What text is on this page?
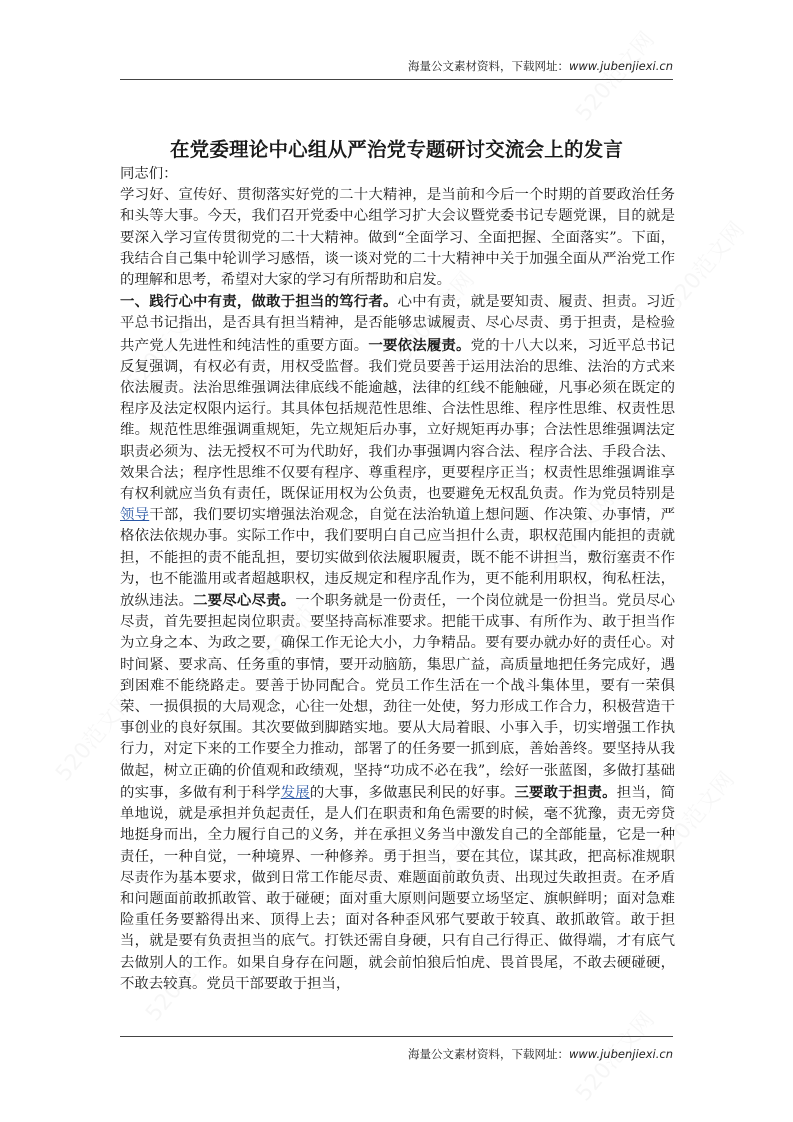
海量公文素材资料，下载网址：www.jubenjiexi.cn
在党委理论中心组从严治党专题研讨交流会上的发言

同志们：

学习好、宣传好、贯彻落实好党的二十大精神，是当前和今后一个时期的首要政治任务和头等大事。今天，我们召开党委中心组学习扩大会议暨党委书记专题党课，目的就是要深入学习宣传贯彻党的二十大精神。做到“全面学习、全面把握、全面落实”。下面，我结合自己集中轮训学习感悟，谈一谈对党的二十大精神中关于加强全面从严治党工作的理解和思考，希望对大家的学习有所帮助和启发。

一、践行心中有责，做敢于担当的笃行者。心中有责，就是要知责、履责、担责。习近平总书记指出，是否具有担当精神，是否能够忠诚履责、尽心尽责、勇于担责，是检验共产党人先进性和纯洁性的重要方面。一要依法履责。党的十八大以来，习近平总书记反复强调，有权必有责，用权受监督。我们党员要善于运用法治的思维、法治的方式来依法履责。法治思维强调法律底线不能逾越，法律的红线不能触碰，凡事必须在既定的程序及法定权限内运行。其具体包括规范性思维、合法性思维、程序性思维、权责性思维。规范性思维强调重规矩，先立规矩后办事，立好规矩再办事；合法性思维强调法定职责必须为、法无授权不可为代助好，我们办事强调内容合法、程序合法、手段合法、效果合法；程序性思维不仅要有程序、尊重程序，更要程序正当；权责性思维强调谁享有权利就应当负有责任，既保证用权为公负责，也要避免无权乱负责。作为党员特别是领导干部，我们要切实增强法治观念，自觉在法治轨道上想问题、作决策、办事情，严格依法依规办事。实际工作中，我们要明白自己应当担什么责，职权范围内能担的责就担，不能担的责不能乱担，要切实做到依法履职履责，既不能不讲担当，敷衍塞责不作为，也不能滥用或者超越职权，违反规定和程序乱作为，更不能利用职权，徇私枉法，放纵违法。二要尽心尽责。一个职务就是一份责任，一个岗位就是一份担当。党员尽心尽责，首先要担起岗位职责。要坚持高标准要求。把能干成事、有所作为、敢于担当作为立身之本、为政之要，确保工作无论大小，力争精品。要有要办就办好的责任心。对时间紧、要求高、任务重的事情，要开动脑筋，集思广益，高质量地把任务完成好，遇到困难不能绕路走。要善于协同配合。党员工作生活在一个战斗集体里，要有一荣俱荣、一损俱损的大局观念，心往一处想，劲往一处使，努力形成工作合力，积极营造干事创业的良好氛围。其次要做到脚踏实地。要从大局着眼、小事入手，切实增强工作执行力，对定下来的工作要全力推动，部署了的任务要一抓到底，善始善终。要坚持从我做起，树立正确的价值观和政绩观，坚持“功成不必在我”，绘好一张蓝图，多做打基础的实事，多做有利于科学发展的大事，多做惠民利民的好事。三要敢于担责。担当，简单地说，就是承担并负起责任，是人们在职责和角色需要的时候，毫不犹豫，责无旁贷地挺身而出，全力履行自己的义务，并在承担义务当中激发自己的全部能量，它是一种责任，一种自觉，一种境界、一种修养。勇于担当，要在其位，谋其政，把高标准规职尽责作为基本要求，做到日常工作能尽责、难题面前敢负责、出现过失敢担责。在矛盾和问题面前敢抓敢管、敢于碰硬；面对重大原则问题要立场坚定、旗帜鲜明；面对急难险重任务要豁得出来、顶得上去；面对各种歪风邪气要敢于较真、敢抓敢管。敢于担当，就是要有负责担当的底气。打铁还需自身硬，只有自己行得正、做得端，才有底气去做别人的工作。如果自身存在问题，就会前怕狼后怕虎、畏首畏尾，不敢去硬碰硬，不敢去较真。党员干部要敢于担当，

海量公文素材资料，下载网址：www.jubenjiexi.cn
